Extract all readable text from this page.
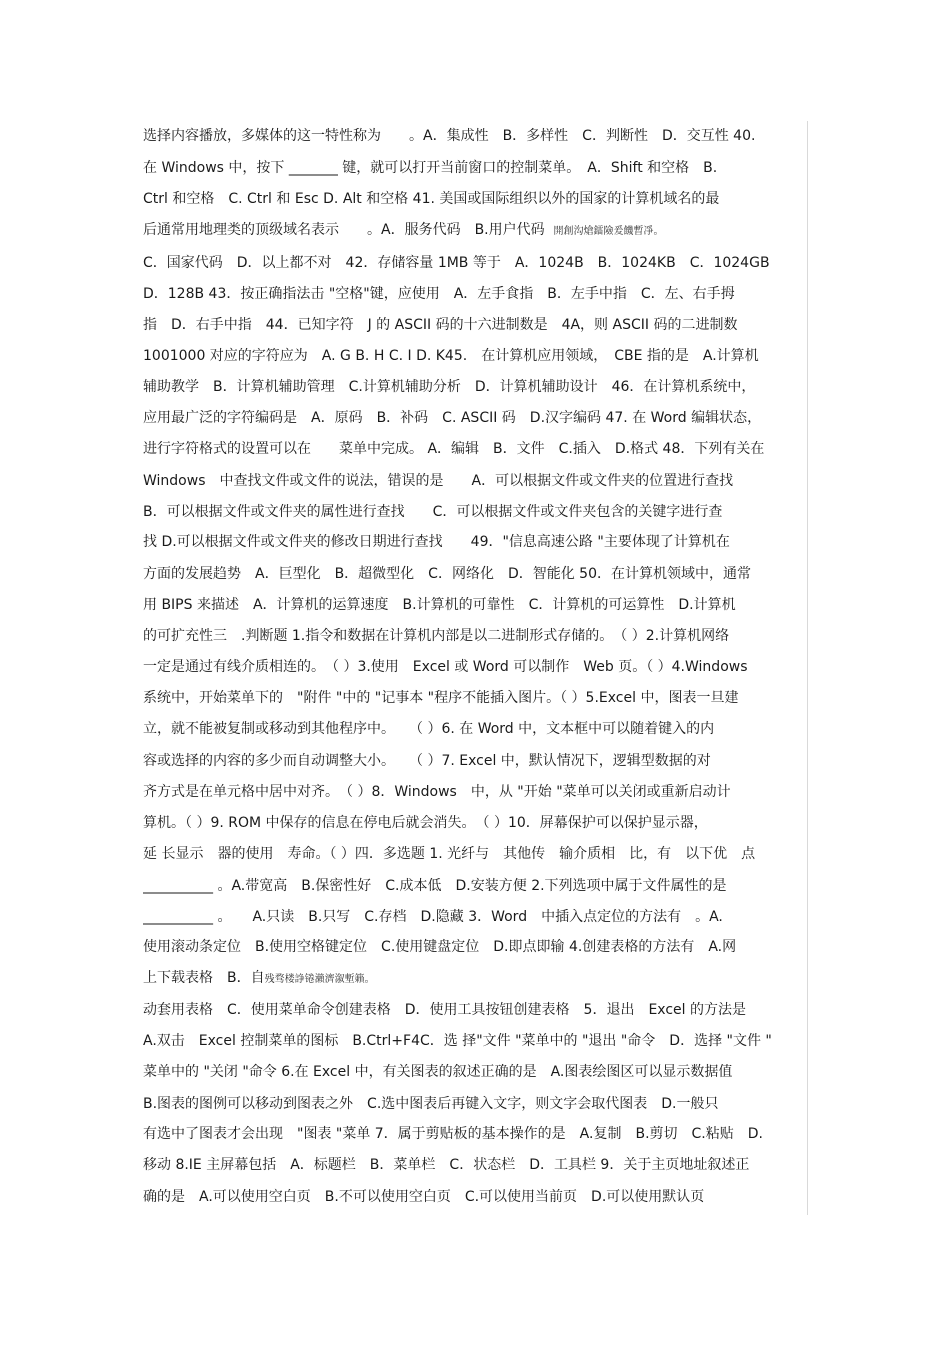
选择内容播放，多媒体的这一特性称为　　。A．集成性　B．多样性　C．判断性　D．交互性 40.
在 Windows 中，按下 _______ 键，就可以打开当前窗口的控制菜单。　A．Shift 和空格　B.
Ctrl 和空格　C. Ctrl 和 Esc D. Alt 和空格 41. 美国或国际组织以外的国家的计算机域名的最
后通常用地理类的顶级域名表示　　。A．服务代码　B.用户代码 開創沟熗鐳險爰饑暫凈。
C．国家代码　D．以上都不对　42．存储容量 1MB 等于　A．1024B　B．1024KB　C．1024GB
D．128B 43．按正确指法击 "空格"键，应使用　A．左手食指　B．左手中指　C．左、右手拇
指　D．右手中指　44．已知字符　J 的 ASCII 码的十六进制数是　4A，则 ASCII 码的二进制数
1001000 对应的字符应为　A. G B. H C. I D. K45.　在计算机应用领域，　CBE 指的是　A.计算机
辅助教学　B．计算机辅助管理　C.计算机辅助分析　D．计算机辅助设计　46．在计算机系统中，
应用最广泛的字符编码是　A．原码　B．补码　C. ASCII 码　D.汉字编码 47. 在 Word 编辑状态，
进行字符格式的设置可以在　　菜单中完成。 A．编辑　B．文件　C.插入　D.格式 48．下列有关在
Windows　中查找文件或文件的说法，错误的是　　A．可以根据文件或文件夹的位置进行查找
B．可以根据文件或文件夹的属性进行查找　　C．可以根据文件或文件夹包含的关键字进行查
找 D.可以根据文件或文件夹的修改日期进行查找　　49．"信息高速公路 "主要体现了计算机在
方面的发展趋势　A．巨型化　B．超微型化　C．网络化　D．智能化 50．在计算机领域中，通常
用 BIPS 来描述　A．计算机的运算速度　B.计算机的可靠性　C．计算机的可运算性　D.计算机
的可扩充性三　.判断题 1.指令和数据在计算机内部是以二进制形式存储的。　（ ）2.计算机网络
一定是通过有线介质相连的。　（ ）3.使用　Excel 或 Word 可以制作　Web 页。（ ）4.Windows
系统中，开始菜单下的　"附件 "中的 "记事本 "程序不能插入图片。（ ）5.Excel 中，图表一旦建
立，就不能被复制或移动到其他程序中。　　（ ）6. 在 Word 中，文本框中可以随着键入的内
容或选择的内容的多少而自动调整大小。　　（ ）7. Excel 中，默认情况下，逻辑型数据的对
齐方式是在单元格中居中对齐。　（ ）8．Windows　中，从 "开始 "菜单可以关闭或重新启动计
算机。（ ）9. ROM 中保存的信息在停电后就会消失。　（ ）10．屏幕保护可以保护显示器，
延 长显示　器的使用　寿命。（ ）四．多选题 1. 光纤与　其他传　输介质相　比，有　以下优　点
__________ 。A.带宽高　B.保密性好　C.成本低　D.安装方便 2.下列选项中属于文件属性的是
__________ 。　　A.只读　B.只写　C.存档　D.隐藏 3．Word　中插入点定位的方法有　。A.
使用滚动条定位　B.使用空格键定位　C.使用键盘定位　D.即点即输 4.创建表格的方法有　A.网
上下载表格　B．自残骛楼諍锩瀨濟溆塹籟。
动套用表格　C．使用菜单命令创建表格　D．使用工具按钮创建表格　5．退出　Excel 的方法是
A.双击　Excel 控制菜单的图标　B.Ctrl+F4C．选 择"文件 "菜单中的 "退出 "命令　D．选择 "文件 "
菜单中的 "关闭 "命令 6.在 Excel 中，有关图表的叙述正确的是　A.图表绘图区可以显示数据值
B.图表的图例可以移动到图表之外　C.选中图表后再键入文字，则文字会取代图表　D.一般只
有选中了图表才会出现　"图表 "菜单 7．属于剪贴板的基本操作的是　A.复制　B.剪切　C.粘贴　D.
移动 8.IE 主屏幕包括　A．标题栏　B．菜单栏　C．状态栏　D．工具栏 9．关于主页地址叙述正
确的是　A.可以使用空白页　B.不可以使用空白页　C.可以使用当前页　D.可以使用默认页
